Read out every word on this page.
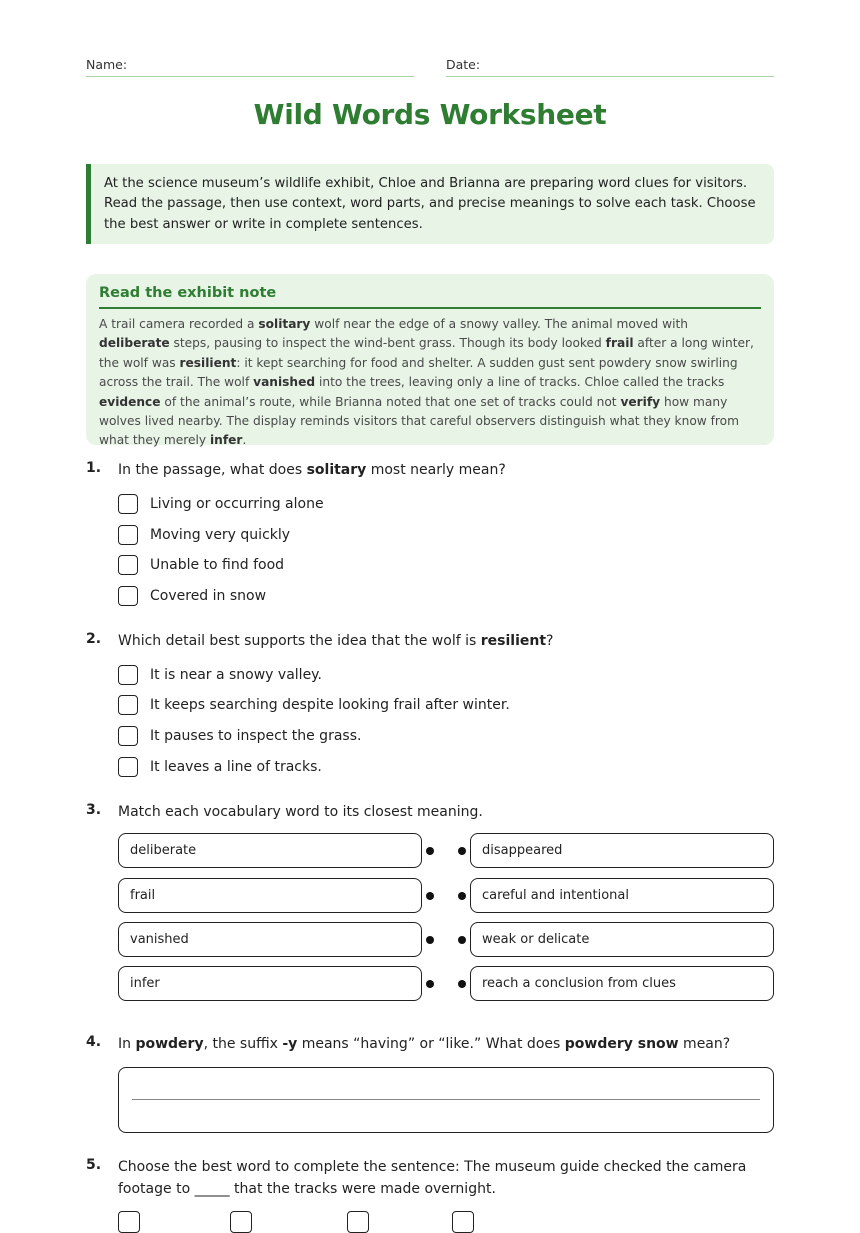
Name:	Date:
Wild Words Worksheet
At the science museum’s wildlife exhibit, Chloe and Brianna are preparing word clues for visitors. Read the passage, then use context, word parts, and precise meanings to solve each task. Choose the best answer or write in complete sentences.
Read the exhibit note
A trail camera recorded a solitary wolf near the edge of a snowy valley. The animal moved with deliberate steps, pausing to inspect the wind-bent grass. Though its body looked frail after a long winter, the wolf was resilient: it kept searching for food and shelter. A sudden gust sent powdery snow swirling across the trail. The wolf vanished into the trees, leaving only a line of tracks. Chloe called the tracks evidence of the animal’s route, while Brianna noted that one set of tracks could not verify how many wolves lived nearby. The display reminds visitors that careful observers distinguish what they know from what they merely infer.
1. In the passage, what does solitary most nearly mean?
Living or occurring alone
Moving very quickly
Unable to find food
Covered in snow
2. Which detail best supports the idea that the wolf is resilient?
It is near a snowy valley.
It keeps searching despite looking frail after winter.
It pauses to inspect the grass.
It leaves a line of tracks.
3. Match each vocabulary word to its closest meaning.
deliberate	disappeared
frail	careful and intentional
vanished	weak or delicate
infer	reach a conclusion from clues
4. In powdery, the suffix -y means “having” or “like.” What does powdery snow mean?
5. Choose the best word to complete the sentence: The museum guide checked the camera footage to _____ that the tracks were made overnight.
